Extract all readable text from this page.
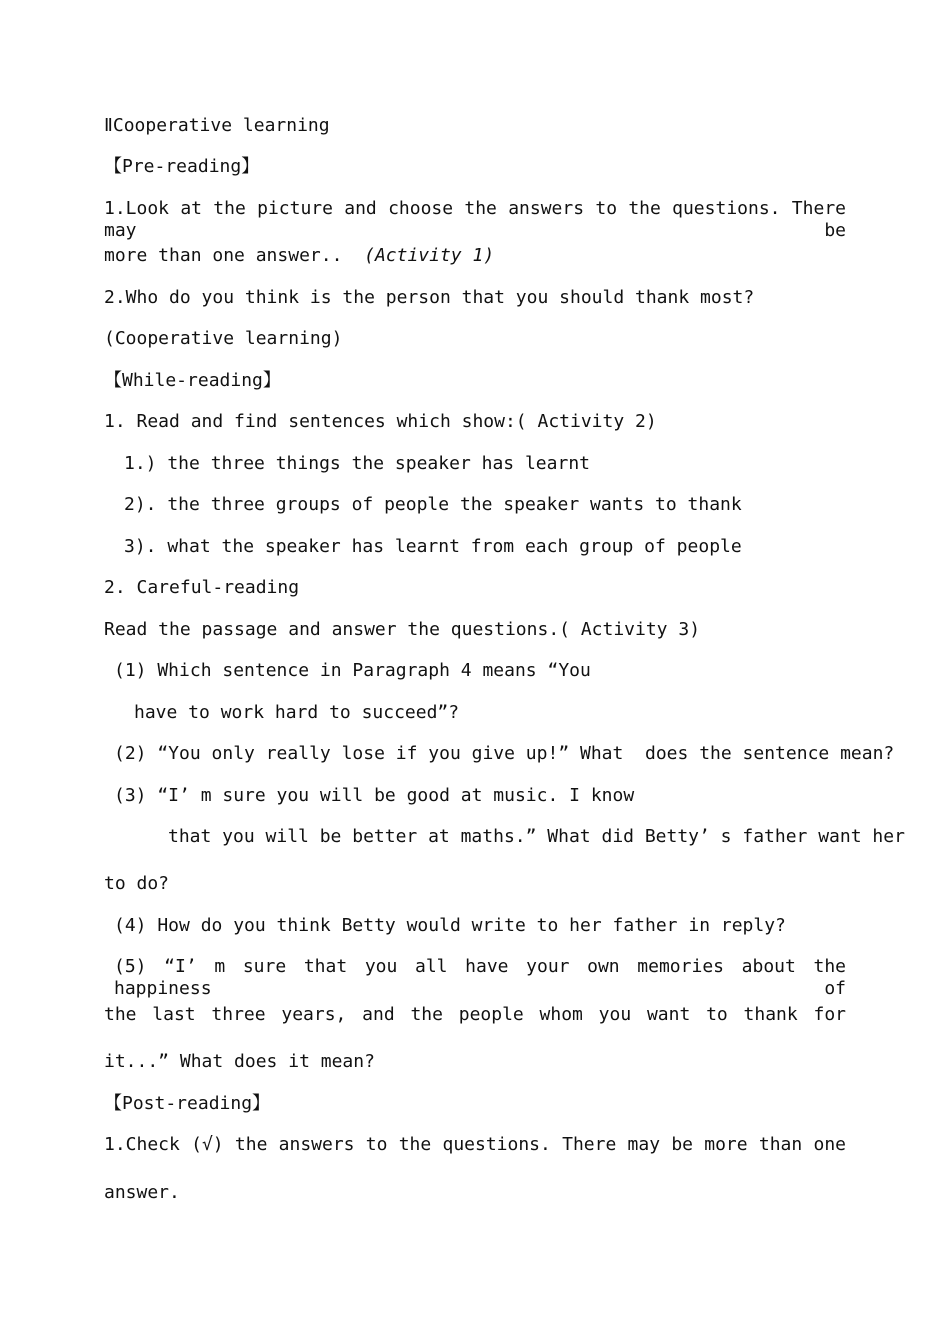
ⅡCooperative learning
【Pre-reading】
1.Look at the picture and choose the answers to the questions. There may be
more than one answer.. (Activity 1)
2.Who do you think is the person that you should thank most?
(Cooperative learning)
【While-reading】
1. Read and find sentences which show:( Activity 2)
1.) the three things the speaker has learnt
2). the three groups of people the speaker wants to thank
3). what the speaker has learnt from each group of people
2. Careful-reading
Read the passage and answer the questions.( Activity 3)
(1) Which sentence in Paragraph 4 means “You
have to work hard to succeed”?
(2) “You only really lose if you give up!” What  does the sentence mean?
(3) “I’ m sure you will be good at music. I know
that you will be better at maths.” What did Betty’ s father want her
to do?
(4) How do you think Betty would write to her father in reply?
(5) “I’ m sure that you all have your own memories about the happiness of
the last three years, and the people whom you want to thank for
it...” What does it mean?
【Post-reading】
1.Check (√) the answers to the questions. There may be more than one
answer.
